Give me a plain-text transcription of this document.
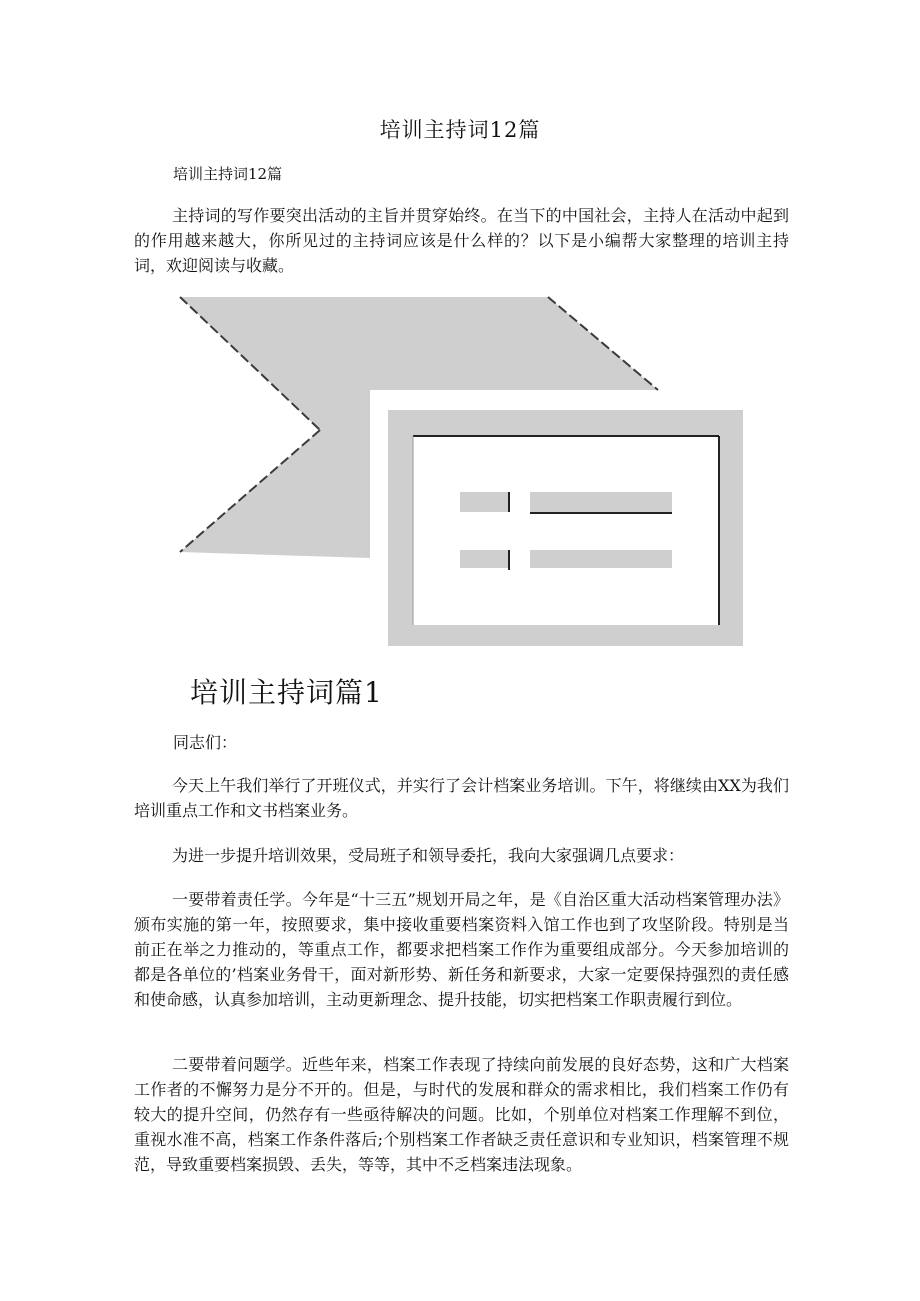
培训主持词12篇
培训主持词12篇

主持词的写作要突出活动的主旨并贯穿始终。在当下的中国社会，主持人在活动中起到的作用越来越大，你所见过的主持词应该是什么样的？以下是小编帮大家整理的培训主持词，欢迎阅读与收藏。

培训主持词篇1
同志们：

今天上午我们举行了开班仪式，并实行了会计档案业务培训。下午，将继续由XX为我们培训重点工作和文书档案业务。

为进一步提升培训效果，受局班子和领导委托，我向大家强调几点要求：

一要带着责任学。今年是“十三五”规划开局之年，是《自治区重大活动档案管理办法》颁布实施的第一年，按照要求，集中接收重要档案资料入馆工作也到了攻坚阶段。特别是当前正在举之力推动的，等重点工作，都要求把档案工作作为重要组成部分。今天参加培训的都是各单位的’档案业务骨干，面对新形势、新任务和新要求，大家一定要保持强烈的责任感和使命感，认真参加培训，主动更新理念、提升技能，切实把档案工作职责履行到位。

二要带着问题学。近些年来，档案工作表现了持续向前发展的良好态势，这和广大档案工作者的不懈努力是分不开的。但是，与时代的发展和群众的需求相比，我们档案工作仍有较大的提升空间，仍然存有一些亟待解决的问题。比如，个别单位对档案工作理解不到位，重视水准不高，档案工作条件落后;个别档案工作者缺乏责任意识和专业知识，档案管理不规范，导致重要档案损毁、丢失，等等，其中不乏档案违法现象。
